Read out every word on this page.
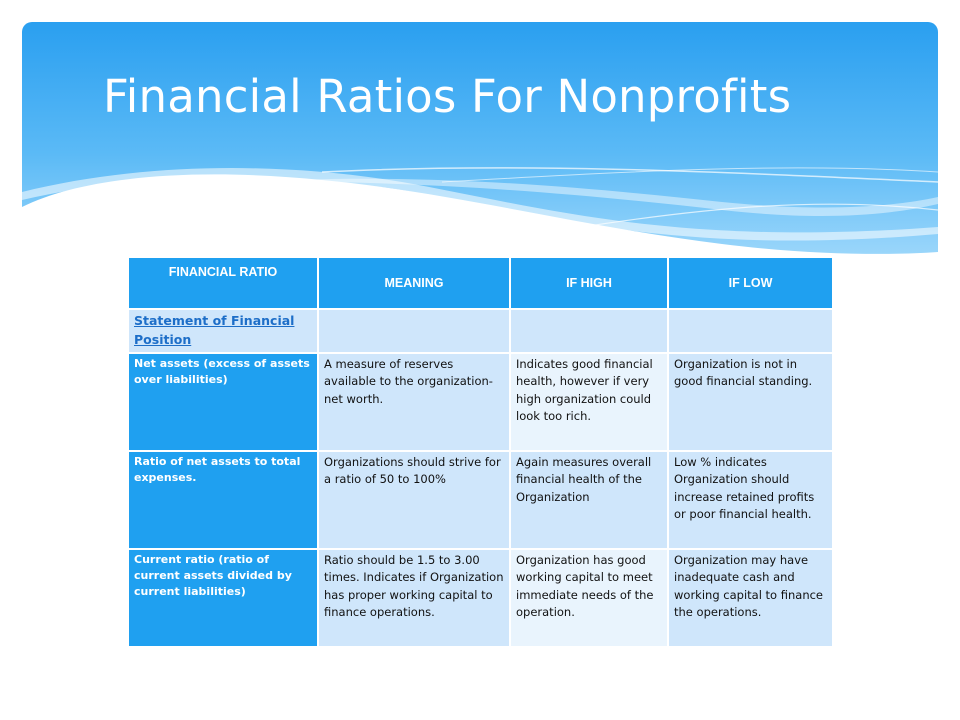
Financial Ratios For Nonprofits
FINANCIAL RATIO	MEANING	IF HIGH	IF LOW
Statement of Financial Position			
Net assets (excess of assets over liabilities)	A measure of reserves available to the organization-net worth.	Indicates good financial health, however if very high organization could look too rich.	Organization is not in good financial standing.
Ratio of net assets to total expenses.	Organizations should strive for a ratio of 50 to 100%	Again measures overall financial health of the Organization	Low % indicates Organization should increase retained profits or poor financial health.
Current ratio (ratio of current assets divided by current liabilities)	Ratio should be 1.5 to 3.00 times. Indicates if Organization has proper working capital to finance operations.	Organization has good working capital to meet immediate needs of the operation.	Organization may have inadequate cash and working capital to finance the operations.
